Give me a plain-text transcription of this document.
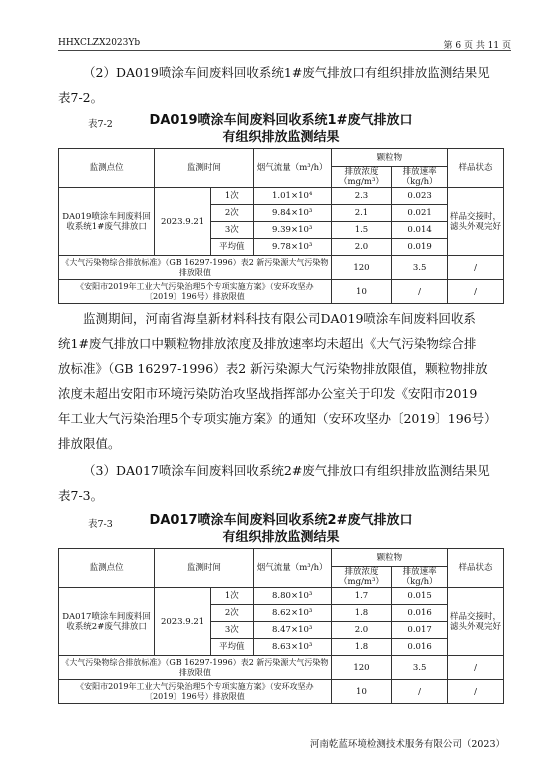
HHXCLZX2023Yb	第 6 页 共 11 页
（2）DA019喷涂车间废料回收系统1#废气排放口有组织排放监测结果见
表7-2。
表7-2	DA019喷涂车间废料回收系统1#废气排放口
有组织排放监测结果
监测点位	监测时间		烟气流量（m³/h）	颗粒物		样品状态
				排放浓度（mg/m³）	排放速率（kg/h）	
DA019喷涂车间废料回收系统1#废气排放口	2023.9.21	1次	1.01×10⁴	2.3	0.023	样品交接时，滤头外观完好
		2次	9.84×10³	2.1	0.021	
		3次	9.39×10³	1.5	0.014	
		平均值	9.78×10³	2.0	0.019	
《大气污染物综合排放标准》（GB 16297-1996）表2 新污染源大气污染物排放限值				120	3.5	/
《安阳市2019年工业大气污染治理5个专项实施方案》（安环攻坚办〔2019〕196号）排放限值				10	/	/
监测期间，河南省海皇新材料科技有限公司DA019喷涂车间废料回收系
统1#废气排放口中颗粒物排放浓度及排放速率均未超出《大气污染物综合排
放标准》（GB 16297-1996）表2 新污染源大气污染物排放限值，颗粒物排放
浓度未超出安阳市环境污染防治攻坚战指挥部办公室关于印发《安阳市2019
年工业大气污染治理5个专项实施方案》的通知（安环攻坚办〔2019〕196号）
排放限值。
（3）DA017喷涂车间废料回收系统2#废气排放口有组织排放监测结果见
表7-3。
表7-3	DA017喷涂车间废料回收系统2#废气排放口
有组织排放监测结果
监测点位	监测时间		烟气流量（m³/h）	颗粒物		样品状态
				排放浓度（mg/m³）	排放速率（kg/h）	
DA017喷涂车间废料回收系统2#废气排放口	2023.9.21	1次	8.80×10³	1.7	0.015	样品交接时，滤头外观完好
		2次	8.62×10³	1.8	0.016	
		3次	8.47×10³	2.0	0.017	
		平均值	8.63×10³	1.8	0.016	
《大气污染物综合排放标准》（GB 16297-1996）表2 新污染源大气污染物排放限值				120	3.5	/
《安阳市2019年工业大气污染治理5个专项实施方案》（安环攻坚办〔2019〕196号）排放限值				10	/	/
河南乾蓝环境检测技术服务有限公司（2023）
